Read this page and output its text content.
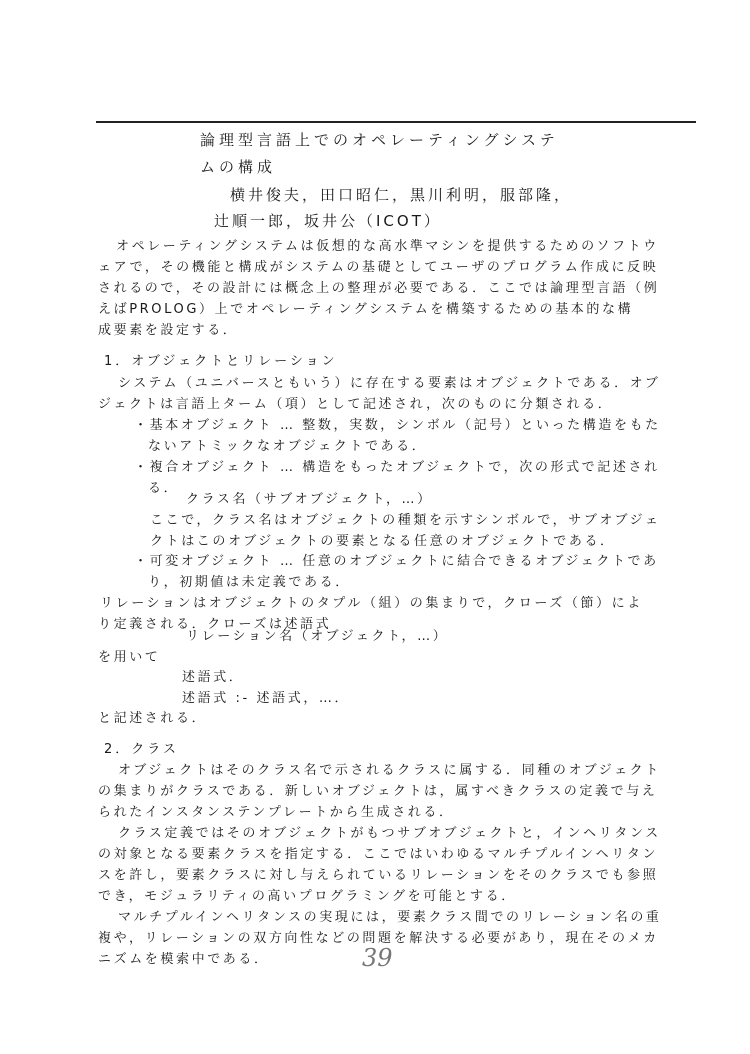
論理型言語上でのオペレーティングシステ
ムの構成
横井俊夫，田口昭仁，黒川利明，服部隆，
辻順一郎，坂井公（ICOT）
オペレーティングシステムは仮想的な高水準マシンを提供するためのソフトウ
ェアで，その機能と構成がシステムの基礎としてユーザのプログラム作成に反映
されるので，その設計には概念上の整理が必要である．ここでは論理型言語（例
えばPROLOG）上でオペレーティングシステムを構築するための基本的な構
成要素を設定する．
1．オブジェクトとリレーション
システム（ユニバースともいう）に存在する要素はオブジェクトである．オブ
ジェクトは言語上ターム（項）として記述され，次のものに分類される．
・基本オブジェクト … 整数，実数，シンボル（記号）といった構造をもた
ないアトミックなオブジェクトである．
・複合オブジェクト … 構造をもったオブジェクトで，次の形式で記述され
る．
クラス名（サブオブジェクト，…）
ここで，クラス名はオブジェクトの種類を示すシンボルで，サブオブジェ
クトはこのオブジェクトの要素となる任意のオブジェクトである．
・可変オブジェクト … 任意のオブジェクトに結合できるオブジェクトであ
り，初期値は未定義である．
リレーションはオブジェクトのタプル（組）の集まりで，クローズ（節）によ
り定義される．クローズは述語式
リレーション名（オブジェクト，…）
を用いて
述語式．
述語式 :- 述語式，…．
と記述される．
2．クラス
オブジェクトはそのクラス名で示されるクラスに属する．同種のオブジェクト
の集まりがクラスである．新しいオブジェクトは，属すべきクラスの定義で与え
られたインスタンステンプレートから生成される．
クラス定義ではそのオブジェクトがもつサブオブジェクトと，インヘリタンス
の対象となる要素クラスを指定する．ここではいわゆるマルチプルインヘリタン
スを許し，要素クラスに対し与えられているリレーションをそのクラスでも参照
でき，モジュラリティの高いプログラミングを可能とする．
マルチプルインヘリタンスの実現には，要素クラス間でのリレーション名の重
複や，リレーションの双方向性などの問題を解決する必要があり，現在そのメカ
ニズムを模索中である．	39
